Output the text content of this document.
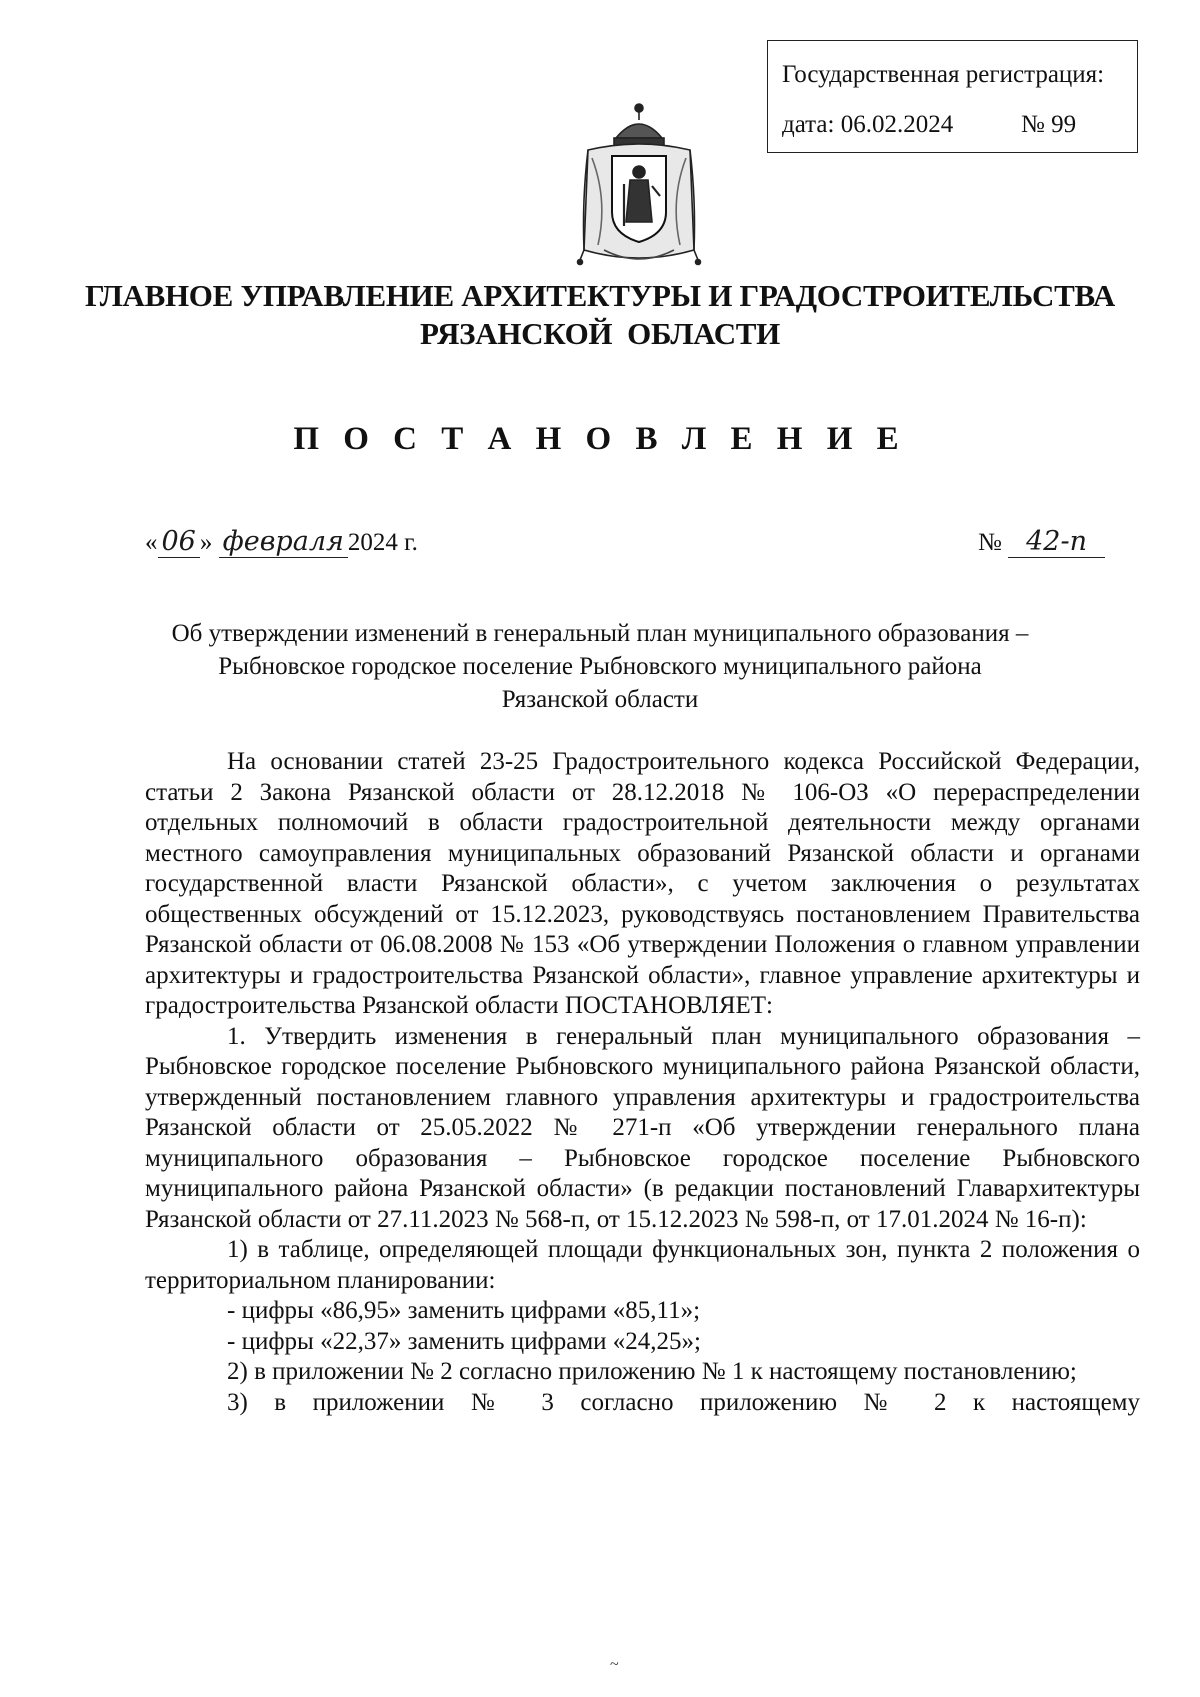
Государственная регистрация:
дата: 06.02.2024	№ 99
ГЛАВНОЕ УПРАВЛЕНИЕ АРХИТЕКТУРЫ И ГРАДОСТРОИТЕЛЬСТВА
РЯЗАНСКОЙ  ОБЛАСТИ
П О С Т А Н О В Л Е Н И Е
« 06 » февраля 2024 г.	№ 42-п
Об утверждении изменений в генеральный план муниципального образования –
Рыбновское городское поселение Рыбновского муниципального района
Рязанской области

На основании статей 23-25 Градостроительного кодекса Российской Федерации, статьи 2 Закона Рязанской области от 28.12.2018 № 106-ОЗ «О перераспределении отдельных полномочий в области градостроительной деятельности между органами местного самоуправления муниципальных образований Рязанской области и органами государственной власти Рязанской области», с учетом заключения о результатах общественных обсуждений от 15.12.2023, руководствуясь постановлением Правительства Рязанской области от 06.08.2008 № 153 «Об утверждении Положения о главном управлении архитектуры и градостроительства Рязанской области», главное управление архитектуры и градостроительства Рязанской области ПОСТАНОВЛЯЕТ:

1. Утвердить изменения в генеральный план муниципального образования – Рыбновское городское поселение Рыбновского муниципального района Рязанской области, утвержденный постановлением главного управления архитектуры и градостроительства Рязанской области от 25.05.2022 № 271-п «Об утверждении генерального плана муниципального образования – Рыбновское городское поселение Рыбновского муниципального района Рязанской области» (в редакции постановлений Главархитектуры Рязанской области от 27.11.2023 № 568-п, от 15.12.2023 № 598-п, от 17.01.2024 № 16-п):

1) в таблице, определяющей площади функциональных зон, пункта 2 положения о территориальном планировании:

- цифры «86,95» заменить цифрами «85,11»;

- цифры «22,37» заменить цифрами «24,25»;

2) в приложении № 2 согласно приложению № 1 к настоящему постановлению;

3) в приложении № 3 согласно приложению № 2 к настоящему

~
